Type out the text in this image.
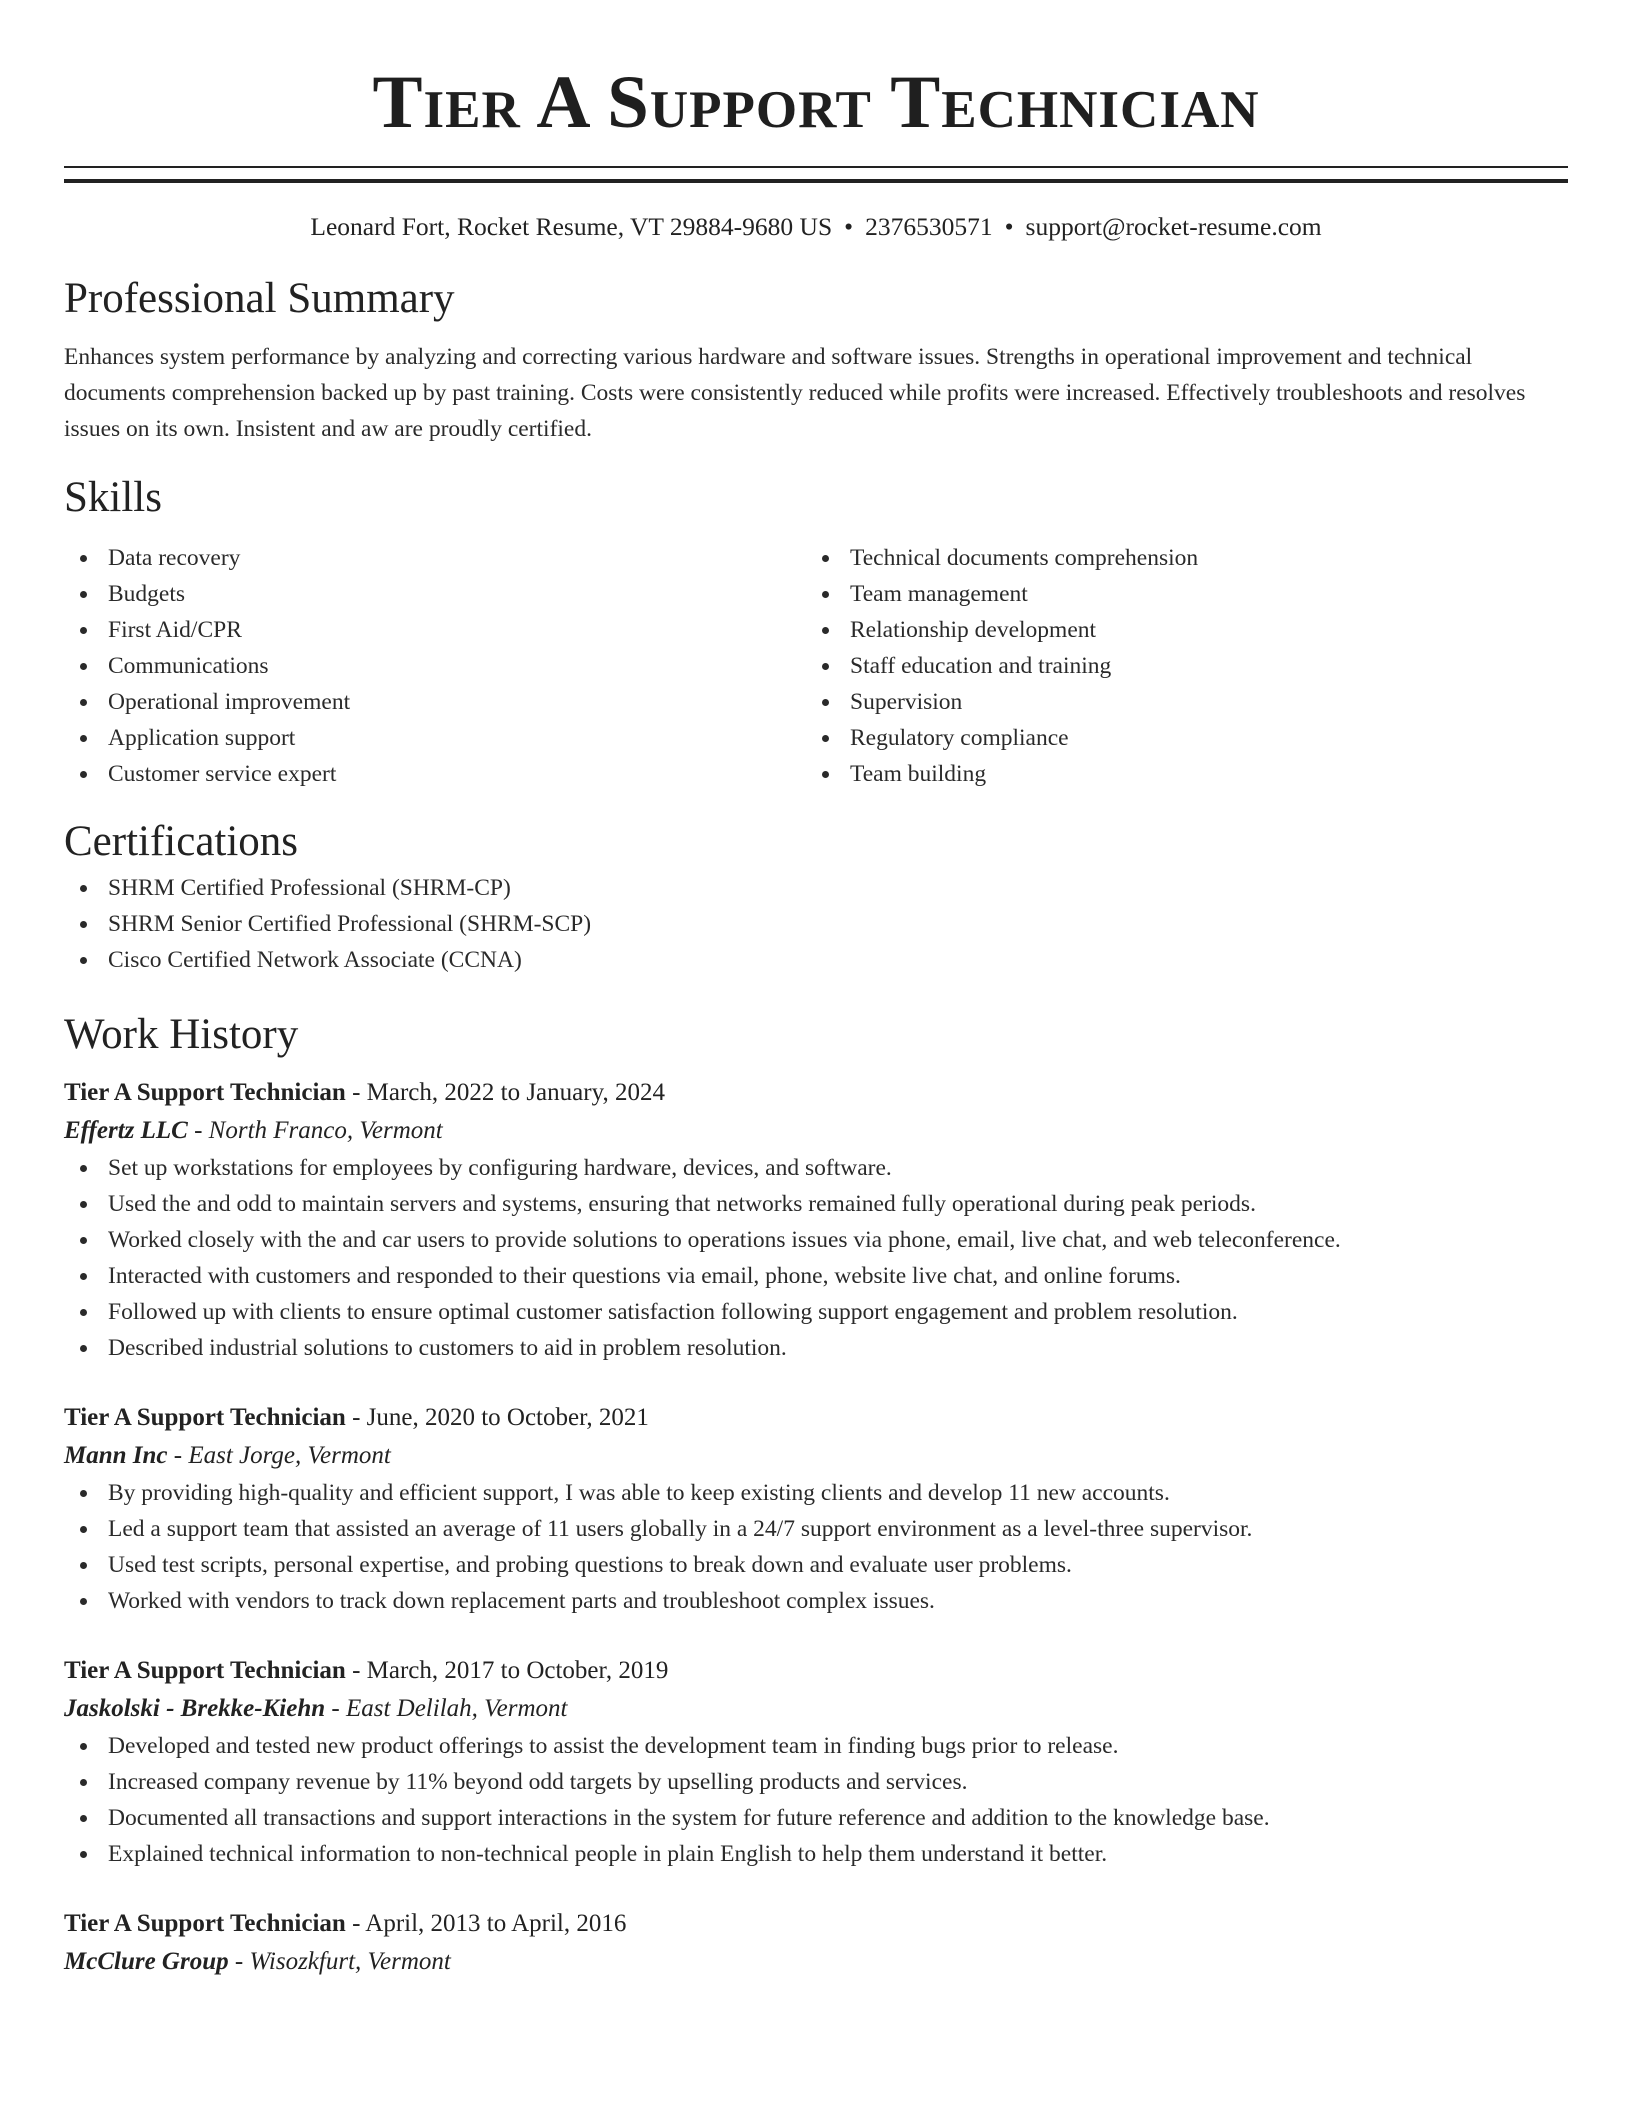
Tier A Support Technician
Leonard Fort, Rocket Resume, VT 29884-9680 US • 2376530571 • support@rocket-resume.com
Professional Summary

Enhances system performance by analyzing and correcting various hardware and software issues. Strengths in operational improvement and technical documents comprehension backed up by past training. Costs were consistently reduced while profits were increased. Effectively troubleshoots and resolves issues on its own. Insistent and aw are proudly certified.

Skills
Data recovery
Budgets
First Aid/CPR
Communications
Operational improvement
Application support
Customer service expert
Technical documents comprehension
Team management
Relationship development
Staff education and training
Supervision
Regulatory compliance
Team building
Certifications
SHRM Certified Professional (SHRM-CP)
SHRM Senior Certified Professional (SHRM-SCP)
Cisco Certified Network Associate (CCNA)
Work History
Tier A Support Technician - March, 2022 to January, 2024
Effertz LLC - North Franco, Vermont
Set up workstations for employees by configuring hardware, devices, and software.
Used the and odd to maintain servers and systems, ensuring that networks remained fully operational during peak periods.
Worked closely with the and car users to provide solutions to operations issues via phone, email, live chat, and web teleconference.
Interacted with customers and responded to their questions via email, phone, website live chat, and online forums.
Followed up with clients to ensure optimal customer satisfaction following support engagement and problem resolution.
Described industrial solutions to customers to aid in problem resolution.
Tier A Support Technician - June, 2020 to October, 2021
Mann Inc - East Jorge, Vermont
By providing high-quality and efficient support, I was able to keep existing clients and develop 11 new accounts.
Led a support team that assisted an average of 11 users globally in a 24/7 support environment as a level-three supervisor.
Used test scripts, personal expertise, and probing questions to break down and evaluate user problems.
Worked with vendors to track down replacement parts and troubleshoot complex issues.
Tier A Support Technician - March, 2017 to October, 2019
Jaskolski - Brekke-Kiehn - East Delilah, Vermont
Developed and tested new product offerings to assist the development team in finding bugs prior to release.
Increased company revenue by 11% beyond odd targets by upselling products and services.
Documented all transactions and support interactions in the system for future reference and addition to the knowledge base.
Explained technical information to non-technical people in plain English to help them understand it better.
Tier A Support Technician - April, 2013 to April, 2016
McClure Group - Wisozkfurt, Vermont
